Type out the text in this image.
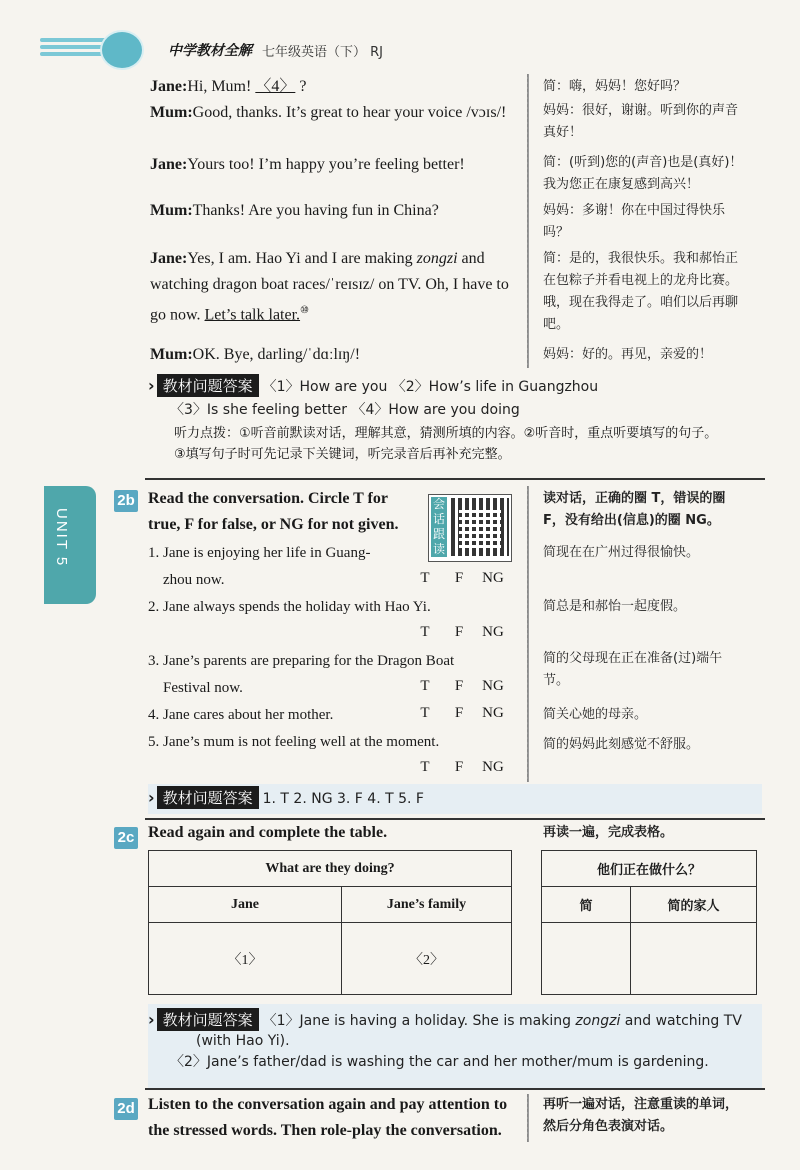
中学教材全解 七年级英语（下） RJ
Jane:Hi, Mum! 〈4〉 ?
Mum:Good, thanks. It’s great to hear your voice /vɔɪs/!
Jane:Yours too! I’m happy you’re feeling better!
Mum:Thanks! Are you having fun in China?
Jane:Yes, I am. Hao Yi and I are making zongzi and watching dragon boat races/ˈreɪsɪz/ on TV. Oh, I have to go now. Let’s talk later.⑩
Mum:OK. Bye, darling/ˈdɑːlɪŋ/!
简：嗨，妈妈！您好吗？
妈妈：很好，谢谢。听到你的声音真好！
简：(听到)您的(声音)也是(真好)！我为您正在康复感到高兴！
妈妈：多谢！你在中国过得快乐吗？
简：是的，我很快乐。我和郝怡正在包粽子并看电视上的龙舟比赛。哦，现在我得走了。咱们以后再聊吧。
妈妈：好的。再见，亲爱的！
› 教材问题答案 〈1〉How are you 〈2〉How’s life in Guangzhou
〈3〉Is she feeling better 〈4〉How are you doing
听力点拨：①听音前默读对话，理解其意，猜测所填的内容。②听音时，重点听要填写的句子。
③填写句子时可先记录下关键词，听完录音后再补充完整。
UNIT 5
2b Read the conversation. Circle T for
true, F for false, or NG for not given.
会话跟读
读对话，正确的圈 T，错误的圈 F，没有给出(信息)的圈 NG。
1. Jane is enjoying her life in Guang-
zhou now.
2. Jane always spends the holiday with Hao Yi.
3. Jane’s parents are preparing for the Dragon Boat
Festival now.
4. Jane cares about her mother.
5. Jane’s mum is not feeling well at the moment.
T F NG
T F NG
T F NG
T F NG
T F NG
简现在在广州过得很愉快。
简总是和郝怡一起度假。
简的父母现在正在准备(过)端午节。
简关心她的母亲。
简的妈妈此刻感觉不舒服。
› 教材问题答案 1. T 2. NG 3. F 4. T 5. F
2c Read again and complete the table.	再读一遍，完成表格。
What are they doing?	
Jane	Jane’s family
〈1〉	〈2〉
他们正在做什么？	
简	简的家人

› 教材问题答案 〈1〉Jane is having a holiday. She is making zongzi and watching TV
(with Hao Yi).
〈2〉Jane’s father/dad is washing the car and her mother/mum is gardening.
2d Listen to the conversation again and pay attention to
the stressed words. Then role-play the conversation.
再听一遍对话，注意重读的单词，然后分角色表演对话。
